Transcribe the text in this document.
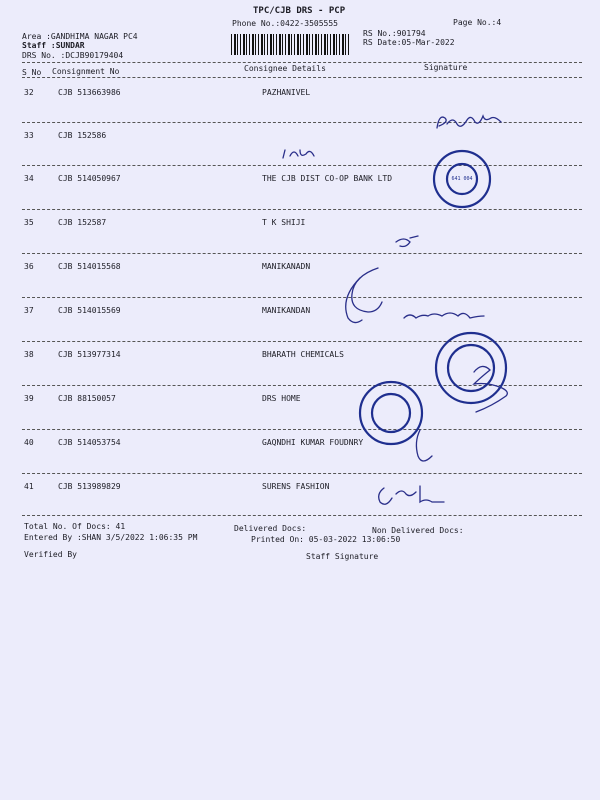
TPC/CJB DRS - PCP
Phone No.:0422-3505555	Page No.:4
Area :GANDHIMA NAGAR PC4
Staff :SUNDAR
DRS No. :DCJB90179404
RS No.:901794
RS Date:05-Mar-2022
S No Consignment No	Consignee Details	Signature
32	CJB 513663986	PAZHANIVEL
33	CJB 152586
34	CJB 514050967	THE CJB DIST CO-OP BANK LTD
35	CJB 152587	T K SHIJI
36	CJB 514015568	MANIKANADN
37	CJB 514015569	MANIKANDAN
38	CJB 513977314	BHARATH CHEMICALS
39	CJB 88150057	DRS HOME
40	CJB 514053754	GAQNDHI KUMAR FOUDNRY
41	CJB 513989829	SURENS FASHION
Total No. Of Docs: 41	Delivered Docs:	Non Delivered Docs:
Entered By :SHAN 3/5/2022 1:06:35 PM	Printed On: 05-03-2022 13:06:50
Verified By	Staff Signature
641 004
